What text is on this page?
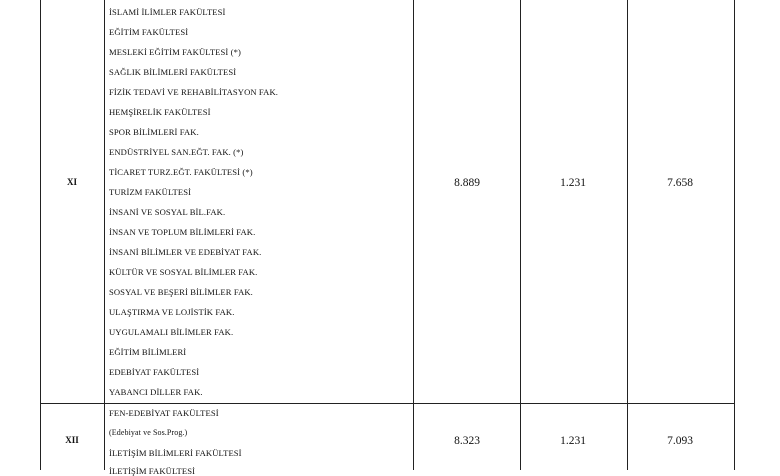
XI
İSLAMİ İLİMLER FAKÜLTESİ
EĞİTİM FAKÜLTESİ
MESLEKİ EĞİTİM FAKÜLTESİ (*)
SAĞLIK BİLİMLERİ FAKÜLTESİ
FİZİK TEDAVİ VE REHABİLİTASYON FAK.
HEMŞİRELİK FAKÜLTESİ
SPOR BİLİMLERİ FAK.
ENDÜSTRİYEL SAN.EĞT. FAK. (*)
TİCARET TURZ.EĞT. FAKÜLTESİ (*)
TURİZM FAKÜLTESİ
İNSANİ VE SOSYAL BİL.FAK.
İNSAN VE TOPLUM BİLİMLERİ FAK.
İNSANİ BİLİMLER VE EDEBİYAT FAK.
KÜLTÜR VE SOSYAL BİLİMLER FAK.
SOSYAL VE BEŞERİ BİLİMLER FAK.
ULAŞTIRMA VE LOJİSTİK FAK.
UYGULAMALI BİLİMLER FAK.
EĞİTİM BİLİMLERİ
EDEBİYAT FAKÜLTESİ
YABANCI DİLLER FAK.
8.889	1.231	7.658
XII
FEN-EDEBİYAT FAKÜLTESİ
(Edebiyat ve Sos.Prog.)
İLETİŞİM BİLİMLERİ FAKÜLTESİ
İLETİŞİM FAKÜLTESİ
8.323	1.231	7.093
